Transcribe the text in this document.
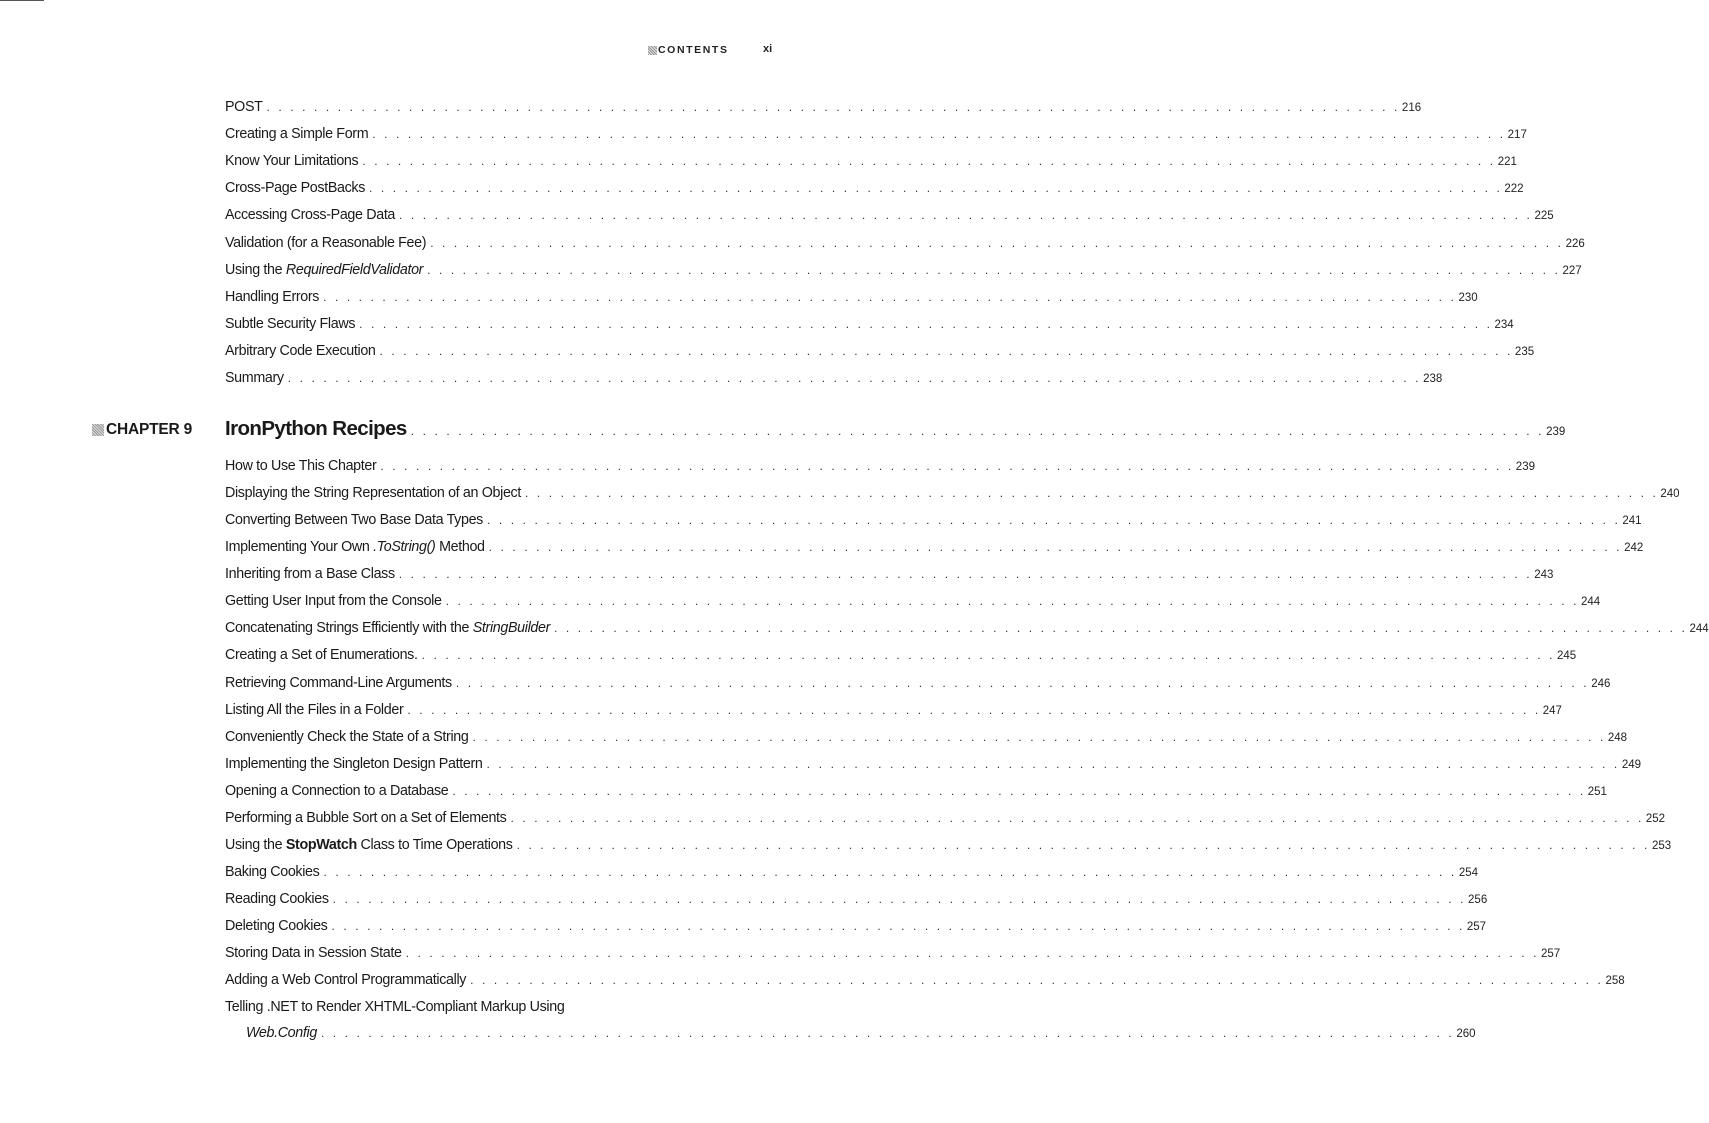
CONTENTS	xi
POST . . . . . . . . . . . . . . . . . . . . . . . . . . . . . . . . . . . . . . . . . . . . . . . . . . . . . . . . . . . . . . . . . . . . . . . . . . . . . . . . . . . . . . . . . . . . . . . . 216
Creating a Simple Form . . . . . . . . . . . . . . . . . . . . . . . . . . . . . . . . . . . . . . . . . . . . . . . . . . . . . . . . . . . . . . . . . . . . . . . . . . . . . . . . . . . . . . . . . . . . . . . . 217
Know Your Limitations . . . . . . . . . . . . . . . . . . . . . . . . . . . . . . . . . . . . . . . . . . . . . . . . . . . . . . . . . . . . . . . . . . . . . . . . . . . . . . . . . . . . . . . . . . . . . . . . 221
Cross-Page PostBacks . . . . . . . . . . . . . . . . . . . . . . . . . . . . . . . . . . . . . . . . . . . . . . . . . . . . . . . . . . . . . . . . . . . . . . . . . . . . . . . . . . . . . . . . . . . . . . . . 222
Accessing Cross-Page Data . . . . . . . . . . . . . . . . . . . . . . . . . . . . . . . . . . . . . . . . . . . . . . . . . . . . . . . . . . . . . . . . . . . . . . . . . . . . . . . . . . . . . . . . . . . . . . . . 225
Validation (for a Reasonable Fee) . . . . . . . . . . . . . . . . . . . . . . . . . . . . . . . . . . . . . . . . . . . . . . . . . . . . . . . . . . . . . . . . . . . . . . . . . . . . . . . . . . . . . . . . . . . . . . . . 226
Using the RequiredFieldValidator . . . . . . . . . . . . . . . . . . . . . . . . . . . . . . . . . . . . . . . . . . . . . . . . . . . . . . . . . . . . . . . . . . . . . . . . . . . . . . . . . . . . . . . . . . . . . . . . 227
Handling Errors . . . . . . . . . . . . . . . . . . . . . . . . . . . . . . . . . . . . . . . . . . . . . . . . . . . . . . . . . . . . . . . . . . . . . . . . . . . . . . . . . . . . . . . . . . . . . . . . 230
Subtle Security Flaws . . . . . . . . . . . . . . . . . . . . . . . . . . . . . . . . . . . . . . . . . . . . . . . . . . . . . . . . . . . . . . . . . . . . . . . . . . . . . . . . . . . . . . . . . . . . . . . . 234
Arbitrary Code Execution . . . . . . . . . . . . . . . . . . . . . . . . . . . . . . . . . . . . . . . . . . . . . . . . . . . . . . . . . . . . . . . . . . . . . . . . . . . . . . . . . . . . . . . . . . . . . . . . 235
Summary . . . . . . . . . . . . . . . . . . . . . . . . . . . . . . . . . . . . . . . . . . . . . . . . . . . . . . . . . . . . . . . . . . . . . . . . . . . . . . . . . . . . . . . . . . . . . . . . 238
How to Use This Chapter . . . . . . . . . . . . . . . . . . . . . . . . . . . . . . . . . . . . . . . . . . . . . . . . . . . . . . . . . . . . . . . . . . . . . . . . . . . . . . . . . . . . . . . . . . . . . . . . 239
Displaying the String Representation of an Object . . . . . . . . . . . . . . . . . . . . . . . . . . . . . . . . . . . . . . . . . . . . . . . . . . . . . . . . . . . . . . . . . . . . . . . . . . . . . . . . . . . . . . . . . . . . . . . . 240
Converting Between Two Base Data Types . . . . . . . . . . . . . . . . . . . . . . . . . . . . . . . . . . . . . . . . . . . . . . . . . . . . . . . . . . . . . . . . . . . . . . . . . . . . . . . . . . . . . . . . . . . . . . . . 241
Implementing Your Own .ToString() Method . . . . . . . . . . . . . . . . . . . . . . . . . . . . . . . . . . . . . . . . . . . . . . . . . . . . . . . . . . . . . . . . . . . . . . . . . . . . . . . . . . . . . . . . . . . . . . . . 242
Inheriting from a Base Class . . . . . . . . . . . . . . . . . . . . . . . . . . . . . . . . . . . . . . . . . . . . . . . . . . . . . . . . . . . . . . . . . . . . . . . . . . . . . . . . . . . . . . . . . . . . . . . . 243
Getting User Input from the Console . . . . . . . . . . . . . . . . . . . . . . . . . . . . . . . . . . . . . . . . . . . . . . . . . . . . . . . . . . . . . . . . . . . . . . . . . . . . . . . . . . . . . . . . . . . . . . . . 244
Concatenating Strings Efficiently with the StringBuilder . . . . . . . . . . . . . . . . . . . . . . . . . . . . . . . . . . . . . . . . . . . . . . . . . . . . . . . . . . . . . . . . . . . . . . . . . . . . . . . . . . . . . . . . . . . . . . . . 244
Creating a Set of Enumerations. . . . . . . . . . . . . . . . . . . . . . . . . . . . . . . . . . . . . . . . . . . . . . . . . . . . . . . . . . . . . . . . . . . . . . . . . . . . . . . . . . . . . . . . . . . . . . . . . 245
Retrieving Command-Line Arguments . . . . . . . . . . . . . . . . . . . . . . . . . . . . . . . . . . . . . . . . . . . . . . . . . . . . . . . . . . . . . . . . . . . . . . . . . . . . . . . . . . . . . . . . . . . . . . . . 246
Listing All the Files in a Folder . . . . . . . . . . . . . . . . . . . . . . . . . . . . . . . . . . . . . . . . . . . . . . . . . . . . . . . . . . . . . . . . . . . . . . . . . . . . . . . . . . . . . . . . . . . . . . . . 247
Conveniently Check the State of a String . . . . . . . . . . . . . . . . . . . . . . . . . . . . . . . . . . . . . . . . . . . . . . . . . . . . . . . . . . . . . . . . . . . . . . . . . . . . . . . . . . . . . . . . . . . . . . . . 248
Implementing the Singleton Design Pattern . . . . . . . . . . . . . . . . . . . . . . . . . . . . . . . . . . . . . . . . . . . . . . . . . . . . . . . . . . . . . . . . . . . . . . . . . . . . . . . . . . . . . . . . . . . . . . . . 249
Opening a Connection to a Database . . . . . . . . . . . . . . . . . . . . . . . . . . . . . . . . . . . . . . . . . . . . . . . . . . . . . . . . . . . . . . . . . . . . . . . . . . . . . . . . . . . . . . . . . . . . . . . . 251
Performing a Bubble Sort on a Set of Elements . . . . . . . . . . . . . . . . . . . . . . . . . . . . . . . . . . . . . . . . . . . . . . . . . . . . . . . . . . . . . . . . . . . . . . . . . . . . . . . . . . . . . . . . . . . . . . . . 252
Using the StopWatch Class to Time Operations . . . . . . . . . . . . . . . . . . . . . . . . . . . . . . . . . . . . . . . . . . . . . . . . . . . . . . . . . . . . . . . . . . . . . . . . . . . . . . . . . . . . . . . . . . . . . . . . 253
Baking Cookies . . . . . . . . . . . . . . . . . . . . . . . . . . . . . . . . . . . . . . . . . . . . . . . . . . . . . . . . . . . . . . . . . . . . . . . . . . . . . . . . . . . . . . . . . . . . . . . . 254
Reading Cookies . . . . . . . . . . . . . . . . . . . . . . . . . . . . . . . . . . . . . . . . . . . . . . . . . . . . . . . . . . . . . . . . . . . . . . . . . . . . . . . . . . . . . . . . . . . . . . . . 256
Deleting Cookies . . . . . . . . . . . . . . . . . . . . . . . . . . . . . . . . . . . . . . . . . . . . . . . . . . . . . . . . . . . . . . . . . . . . . . . . . . . . . . . . . . . . . . . . . . . . . . . . 257
Storing Data in Session State . . . . . . . . . . . . . . . . . . . . . . . . . . . . . . . . . . . . . . . . . . . . . . . . . . . . . . . . . . . . . . . . . . . . . . . . . . . . . . . . . . . . . . . . . . . . . . . . 257
Adding a Web Control Programmatically . . . . . . . . . . . . . . . . . . . . . . . . . . . . . . . . . . . . . . . . . . . . . . . . . . . . . . . . . . . . . . . . . . . . . . . . . . . . . . . . . . . . . . . . . . . . . . . . 258
CHAPTER 9 IronPython Recipes . . . . . . . . . . . . . . . . . . . . . . . . . . . . . . . . . . . . . . . . . . . . . . . . . . . . . . . . . . . . . . . . . . . . . . . . . . . . . . . . . . . . . . . . . . . . . . . . 239
Telling .NET to Render XHTML-Compliant Markup Using
Web.Config . . . . . . . . . . . . . . . . . . . . . . . . . . . . . . . . . . . . . . . . . . . . . . . . . . . . . . . . . . . . . . . . . . . . . . . . . . . . . . . . . . . . . . . . . . . . . . . . 260
